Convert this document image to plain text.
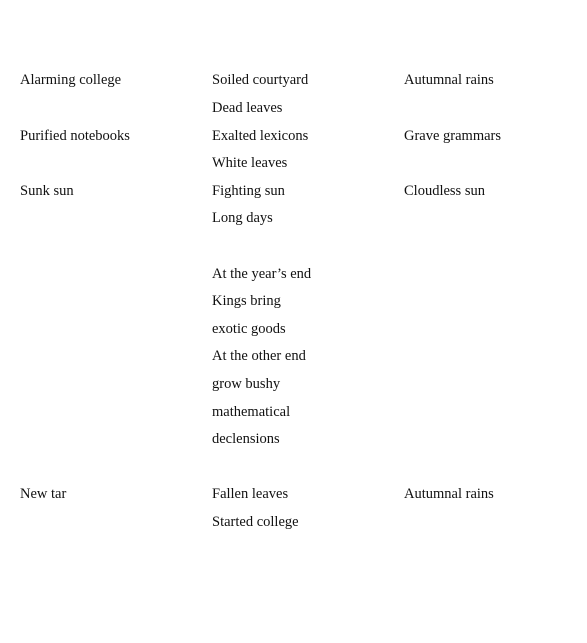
Alarming college
Purified notebooks
Sunk sun
New tar
Soiled courtyard
Dead leaves
Exalted lexicons
White leaves
Fighting sun
Long days
At the year’s end
Kings bring
exotic goods
At the other end
grow bushy
mathematical
declensions
Fallen leaves
Started college
Autumnal rains
Grave grammars
Cloudless sun
Autumnal rains
